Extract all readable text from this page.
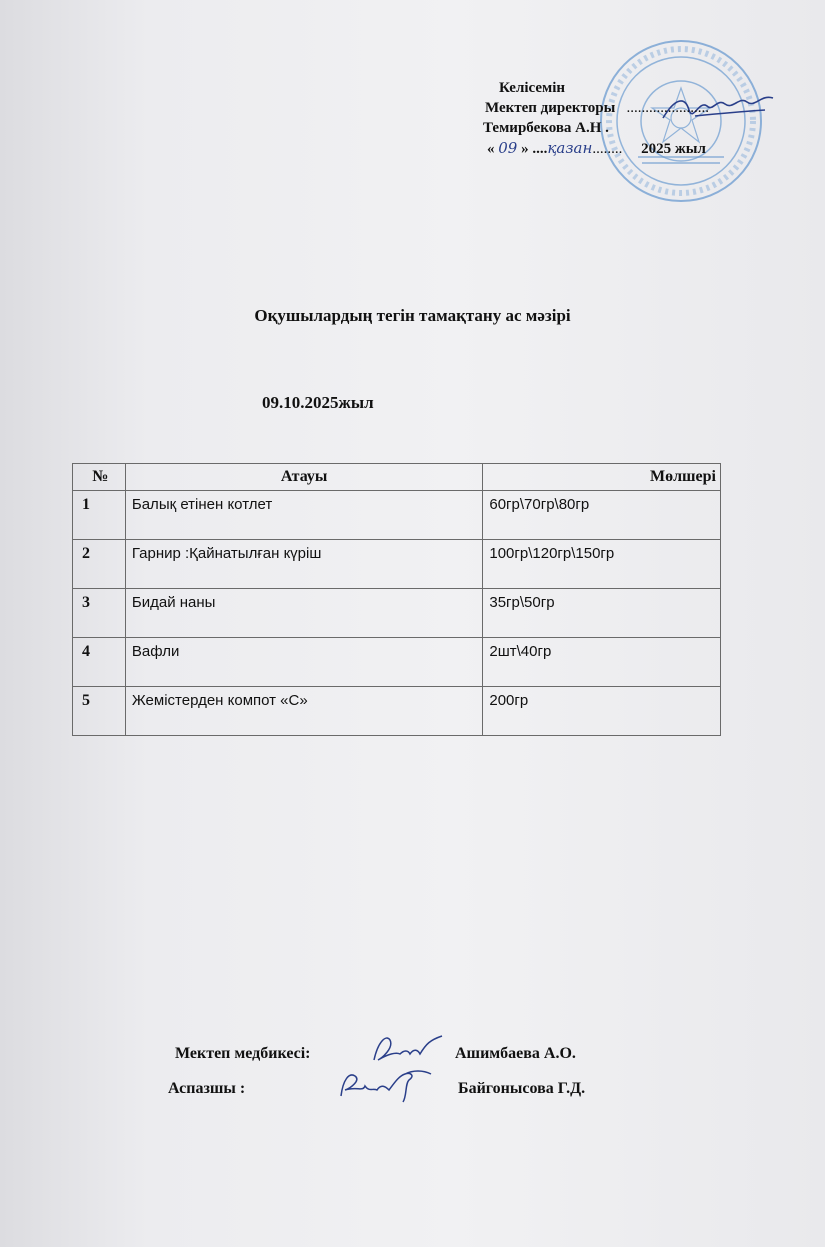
Келісемін
Мектеп директоры ......................
Темирбекова А.Н .
« 09 » ....қазан........ 2025 жыл
Оқушылардың тегін тамақтану ас мәзірі
09.10.2025жыл
№	Атауы	Мөлшері
1	Балық етінен котлет	60гр\70гр\80гр
2	Гарнир :Қайнатылған күріш	100гр\120гр\150гр
3	Бидай наны	35гр\50гр
4	Вафли	2шт\40гр
5	Жемістерден компот «С»	200гр
Мектеп медбикесі:	Ашимбаева А.О.
Аспазшы :	Байгонысова Г.Д.
